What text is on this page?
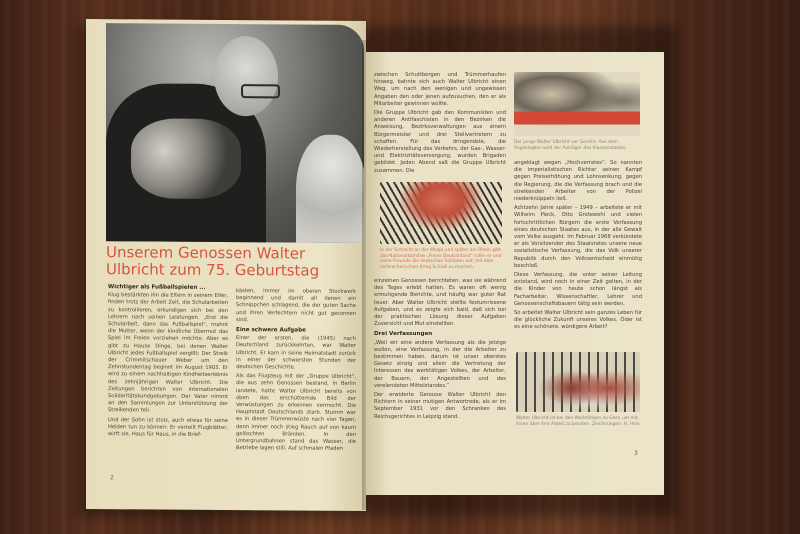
Unserem Genossen Walter Ulbricht zum 75. Geburtstag
Wichtiger als Fußballspielen ...

Klug bestärkten ihn die Eltern in seinem Eifer, finden trotz der Arbeit Zeit, die Schularbeiten zu kontrollieren, erkundigen sich bei den Lehrern nach seinen Leistungen. „Erst die Schularbeit, dann das Fußballspiel“, mahnt die Mutter, wenn der kindliche Übermut das Spiel im Freien vorziehen möchte. Aber es gibt zu Hause Dinge, bei denen Walter Ulbricht jedes Fußballspiel vergißt: Der Streik der Crimmitschauer Weber um den Zehnstundentag beginnt im August 1903. Er wird zu einem nachhaltigen Kindheitserlebnis des zehnjährigen Walter Ulbricht. Die Zeitungen berichten von internationalen Solidaritätskundgebungen. Der Vater nimmt an den Sammlungen zur Unterstützung der Streikenden teil.

Und der Sohn ist stolz, auch etwas für seine Helden tun zu können: Er verteilt Flugblätter, wirft sie, Haus für Haus, in die Brief-

kästen, immer im oberen Stockwerk beginnend und damit all denen ein Schnippchen schlagend, die der guten Sache und ihren Verfechtern nicht gut gesonnen sind.

Eine schwere Aufgabe

Einer der ersten, die (1945) nach Deutschland zurückkehrten, war Walter Ulbricht. Er kam in seine Heimatstadt zurück in einer der schwersten Stunden der deutschen Geschichte.

Als das Flugzeug mit der „Gruppe Ulbricht“, die aus zehn Genossen bestand, in Berlin landete, hatte Walter Ulbricht bereits von oben das erschütternde Bild der Verwüstungen zu erkennen vermocht. Die Hauptstadt Deutschlands starb. Stumm war es in dieser Trümmerwüste nach vier Tagen, denn immer noch stieg Rauch auf von kaum gelöschten Bränden. In den Untergrundbahnen stand das Wasser, die Betriebe lagen still. Auf schmalen Pfaden

2

zwischen Schuttbergen und Trümmerhaufen hinweg, bahnte sich auch Walter Ulbricht einen Weg, um nach den wenigen und ungewissen Angaben den oder jenen aufzusuchen, den er als Mitarbeiter gewinnen wollte.

Die Gruppe Ulbricht gab den Kommunisten und anderen Antifaschisten in den Bezirken die Anweisung, Bezirksverwaltungen aus einem Bürgermeister und drei Stellvertretern zu schaffen. Für das dringendste, die Wiederherstellung des Verkehrs, der Gas-, Wasser- und Elektrizitätsversorgung, wurden Brigaden gebildet. Jeden Abend saß die Gruppe Ulbricht zusammen. Die

In der Schlacht an der Wolga und später am Rhein gibt das Nationalkomitee „Freies Deutschland“ rufen er und seine Freunde die deutschen Soldaten auf, mit dem verbrecherischen Krieg Schluß zu machen.

einzelnen Genossen berichteten, was sie während des Tages erlebt hatten. Es waren oft wenig ermutigende Berichte, und häufig war guter Rat teuer. Aber Walter Ulbricht stellte festumrissene Aufgaben, und es zeigte sich bald, daß sich bei der praktischen Lösung dieser Aufgaben Zuversicht und Mut einstellten.

Drei Verfassungen

„Weil wir eine andere Verfassung als die jetzige wollen, eine Verfassung, in der die Arbeiter zu bestimmen haben, darum ist unser oberstes Gesetz einzig und allein die Vertretung der Interessen des werktätigen Volkes, der Arbeiter, der Bauern, der Angestellten und des verelendeten Mittelstandes.“

Der erwiderte Genosse Walter Ulbricht den Richtern in seiner mutigen Antwortrede, als er im September 1931 vor den Schranken des Reichsgerichtes in Leipzig stand.

Der junge Walter Ulbricht vor Gericht: Aus dem Angeklagten wird der Ankläger des Klassenstaates.

angeklagt wegen „Hochverrates“. So nannten die imperialistischen Richter seinen Kampf gegen Preiserhöhung und Lohnsenkung, gegen die Regierung, die die Verfassung brach und die streikenden Arbeiter von der Polizei niederknüppeln ließ.

Achtzehn Jahre später – 1949 – arbeitete er mit Wilhelm Pieck, Otto Grotewohl und vielen fortschrittlichen Bürgern die erste Verfassung eines deutschen Staates aus, in der alle Gewalt vom Volke ausgeht. Im Februar 1968 verkündete er als Vorsitzender des Staatsrates unsere neue sozialistische Verfassung, die das Volk unserer Republik durch den Volksentscheid einmütig beschloß.

Diese Verfassung, die unter seiner Leitung entstand, wird noch in einer Zeit gelten, in der die Kinder von heute schon längst als Facharbeiter, Wissenschaftler, Lehrer und Genossenschaftsbauern tätig sein werden.

So arbeitet Walter Ulbricht sein ganzes Leben für die glückliche Zukunft unseres Volkes. Oder ist es eine schönere, würdigere Arbeit?

Walter Ulbricht ist bei den Werktätigen zu Gast, um mit ihnen über ihre Arbeit zu beraten. Zeichnungen: H. Hein
3
